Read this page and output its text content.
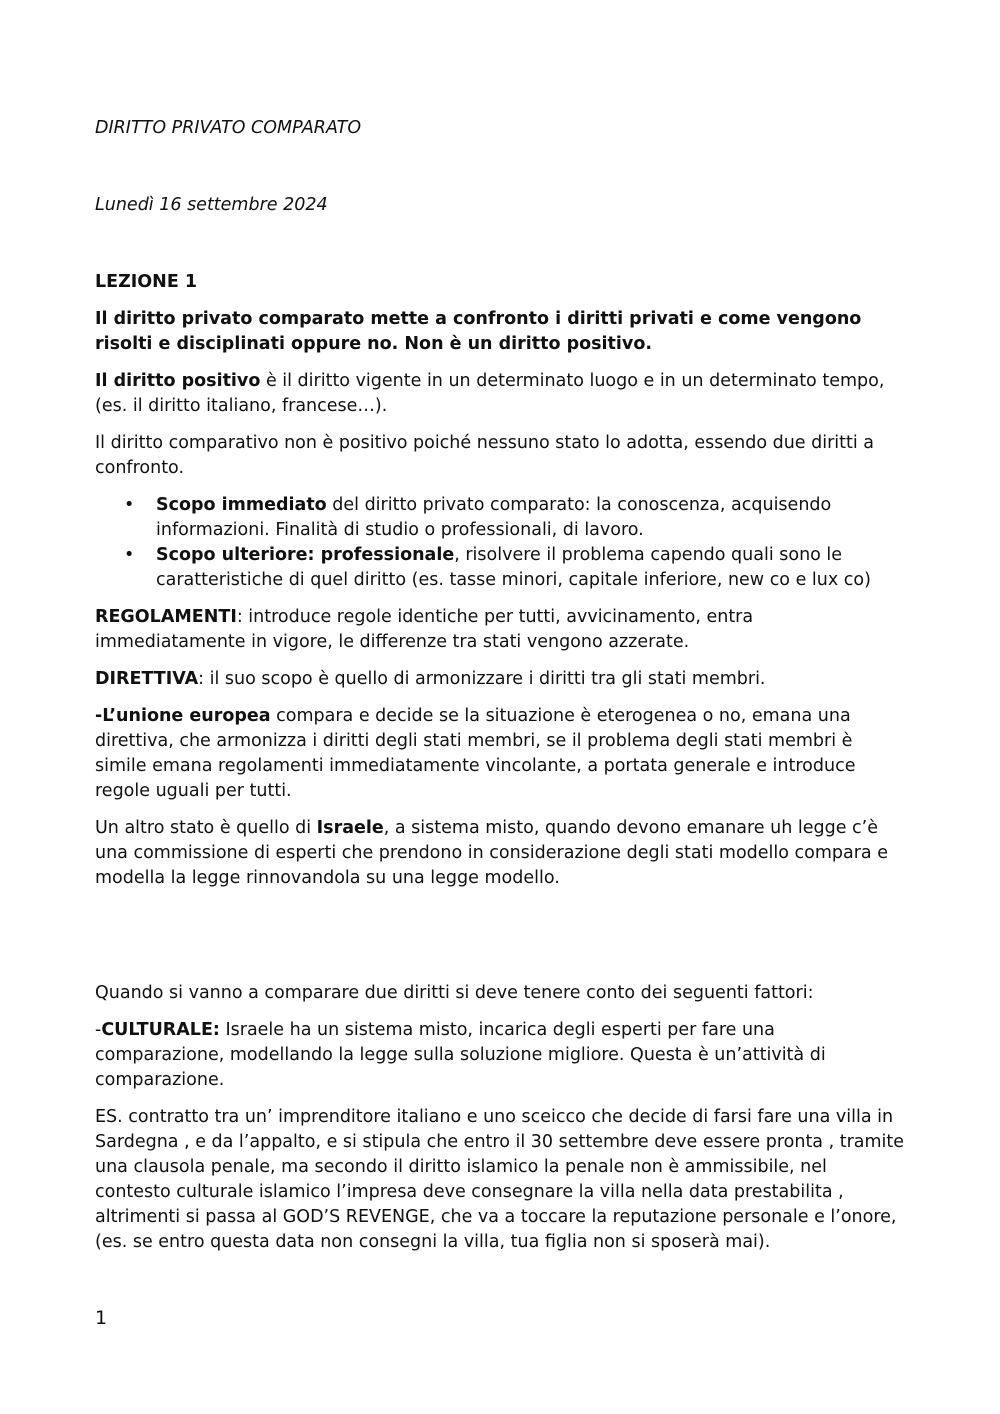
DIRITTO PRIVATO COMPARATO

Lunedì 16 settembre 2024

LEZIONE 1

Il diritto privato comparato mette a confronto i diritti privati e come vengono risolti e disciplinati oppure no. Non è un diritto positivo.

Il diritto positivo è il diritto vigente in un determinato luogo e in un determinato tempo, (es. il diritto italiano, francese…).

Il diritto comparativo non è positivo poiché nessuno stato lo adotta, essendo due diritti a confronto.

• Scopo immediato del diritto privato comparato: la conoscenza, acquisendo informazioni. Finalità di studio o professionali, di lavoro.
• Scopo ulteriore: professionale, risolvere il problema capendo quali sono le caratteristiche di quel diritto (es. tasse minori, capitale inferiore, new co e lux co)

REGOLAMENTI: introduce regole identiche per tutti, avvicinamento, entra immediatamente in vigore, le differenze tra stati vengono azzerate.

DIRETTIVA: il suo scopo è quello di armonizzare i diritti tra gli stati membri.

-L’unione europea compara e decide se la situazione è eterogenea o no, emana una direttiva, che armonizza i diritti degli stati membri, se il problema degli stati membri è simile emana regolamenti immediatamente vincolante, a portata generale e introduce regole uguali per tutti.

Un altro stato è quello di Israele, a sistema misto, quando devono emanare uh legge c’è una commissione di esperti che prendono in considerazione degli stati modello compara e modella la legge rinnovandola su una legge modello.

Quando si vanno a comparare due diritti si deve tenere conto dei seguenti fattori:

-CULTURALE: Israele ha un sistema misto, incarica degli esperti per fare una comparazione, modellando la legge sulla soluzione migliore. Questa è un’attività di comparazione.

ES. contratto tra un’ imprenditore italiano e uno sceicco che decide di farsi fare una villa in Sardegna , e da l’appalto, e si stipula che entro il 30 settembre deve essere pronta , tramite una clausola penale, ma secondo il diritto islamico la penale non è ammissibile, nel contesto culturale islamico l’impresa deve consegnare la villa nella data prestabilita , altrimenti si passa al GOD’S REVENGE, che va a toccare la reputazione personale e l’onore, (es. se entro questa data non consegni la villa, tua figlia non si sposerà mai).

1
